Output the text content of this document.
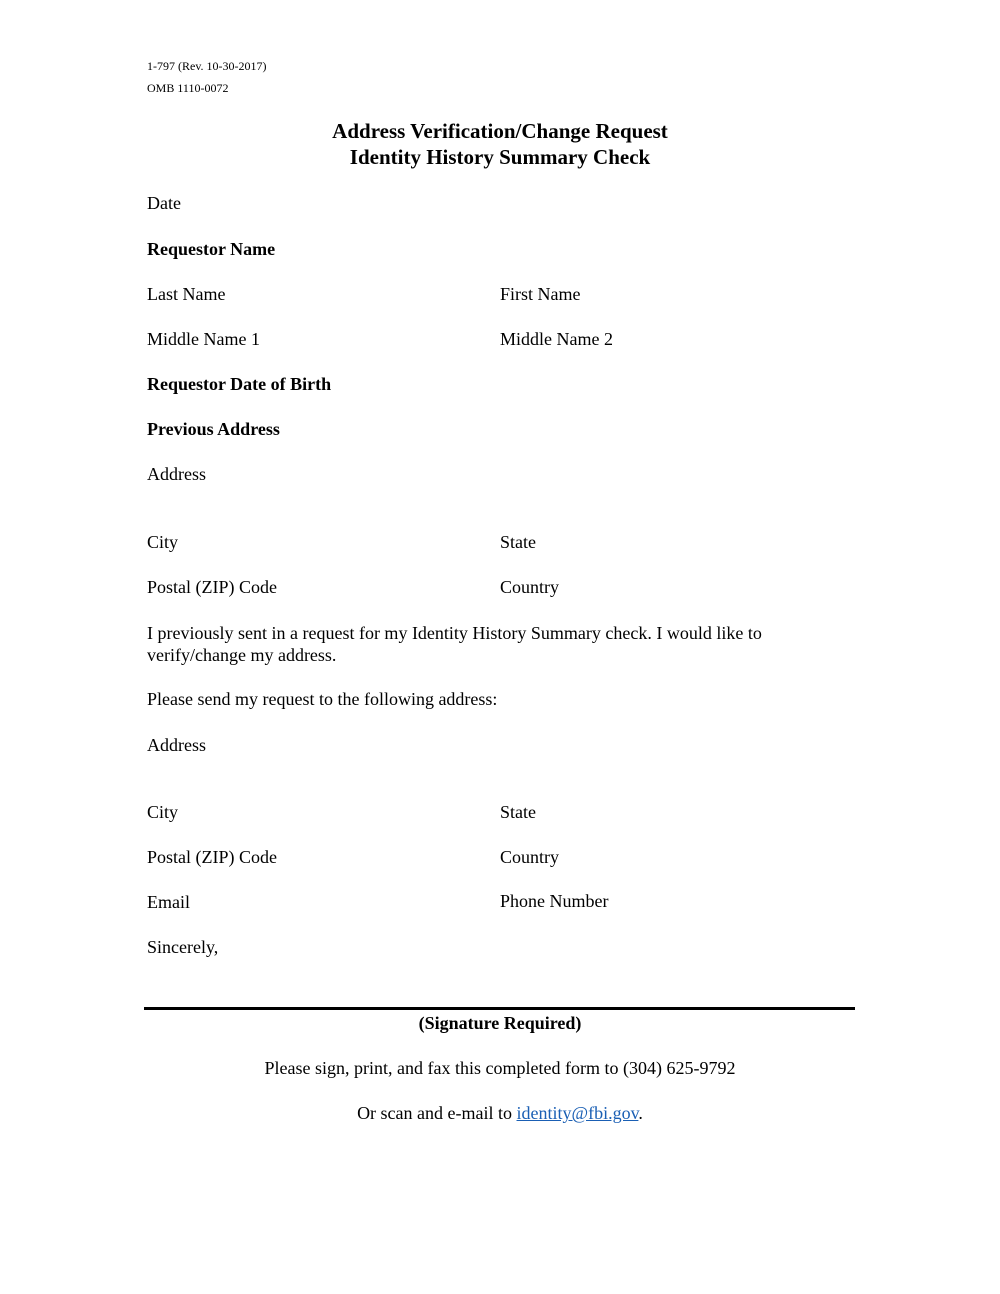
1-797 (Rev. 10-30-2017)
OMB 1110-0072
Address Verification/Change Request
Identity History Summary Check
Date
Requestor Name
Last Name	First Name
Middle Name 1	Middle Name 2
Requestor Date of Birth
Previous Address
Address
City	State
Postal (ZIP) Code	Country
I previously sent in a request for my Identity History Summary check. I would like to verify/change my address.
Please send my request to the following address:
Address
City	State
Postal (ZIP) Code	Country
Email	Phone Number
Sincerely,
(Signature Required)
Please sign, print, and fax this completed form to (304) 625-9792
Or scan and e-mail to identity@fbi.gov.
